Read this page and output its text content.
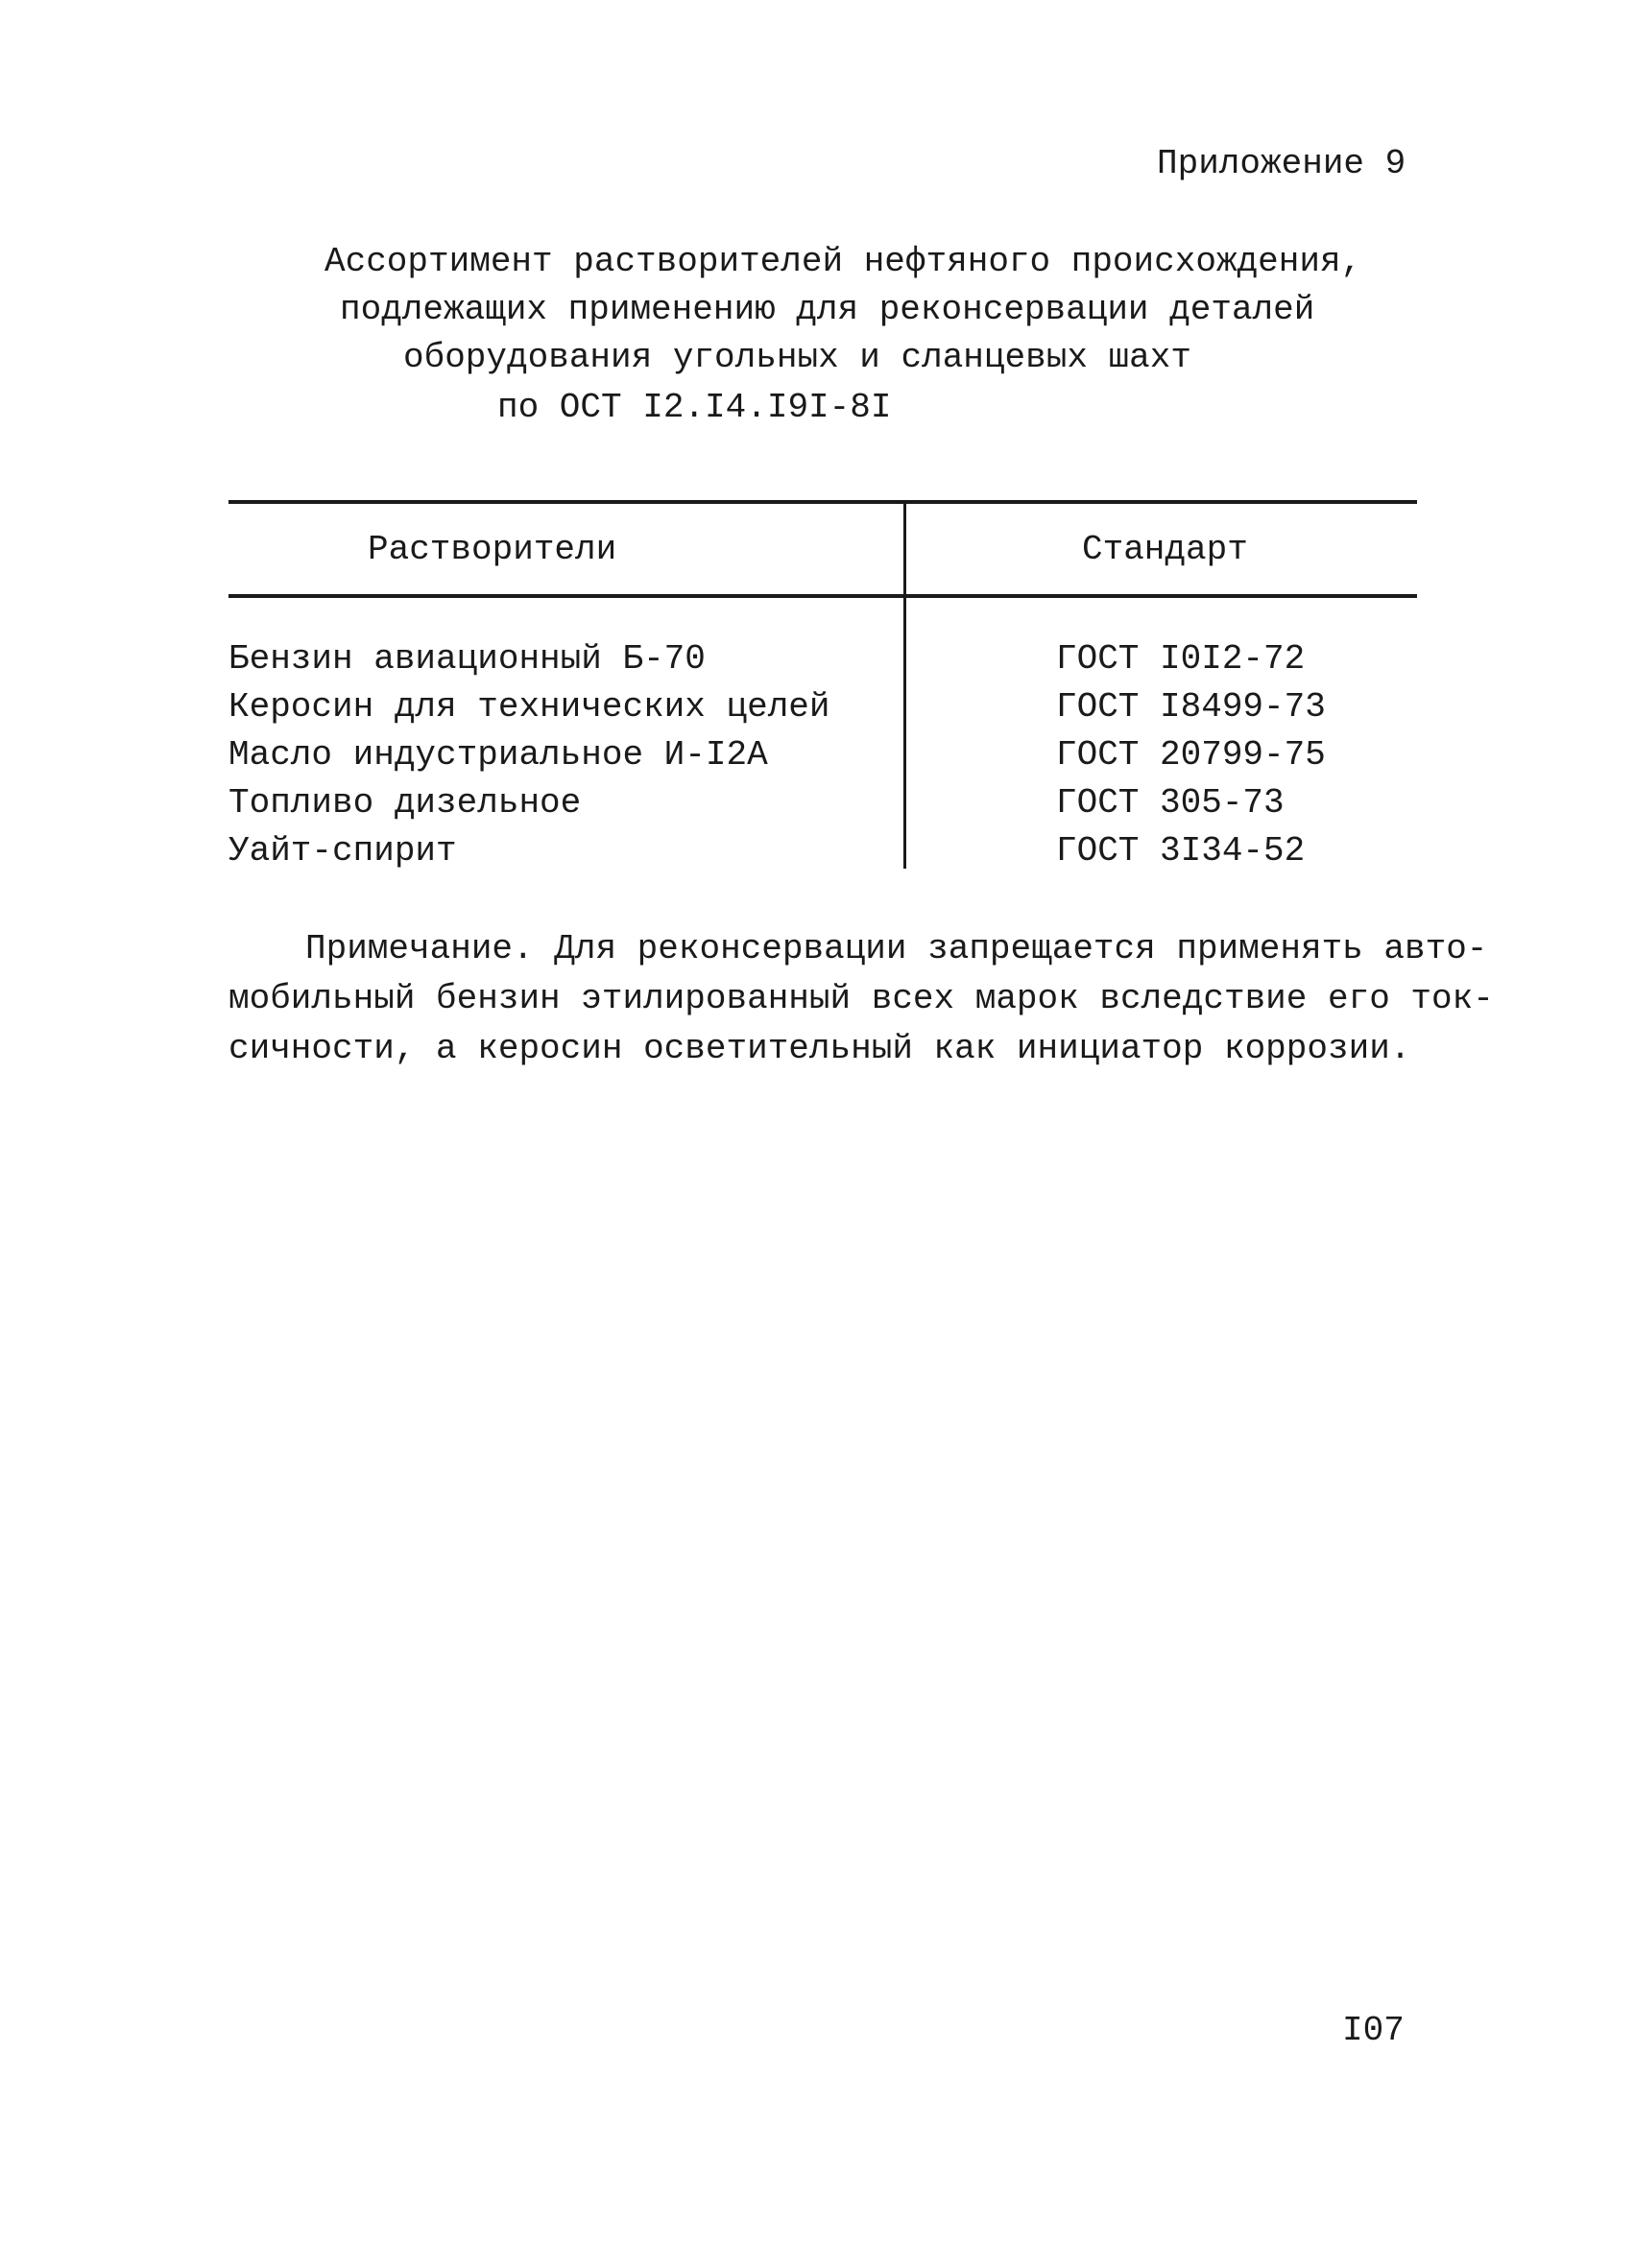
Приложение 9
Ассортимент растворителей нефтяного происхождения,
подлежащих применению для реконсервации деталей
оборудования угольных и сланцевых шахт
по ОСТ I2.I4.I9I-8I
Растворители	Стандарт
Бензин авиационный Б-70	ГОСТ I0I2-72
Керосин для технических целей	ГОСТ I8499-73
Масло индустриальное И-I2А	ГОСТ 20799-75
Топливо дизельное	ГОСТ 305-73
Уайт-спирит	ГОСТ 3I34-52
Примечание. Для реконсервации запрещается применять авто-
мобильный бензин этилированный всех марок вследствие его ток-
сичности, а керосин осветительный как инициатор коррозии.
I07
